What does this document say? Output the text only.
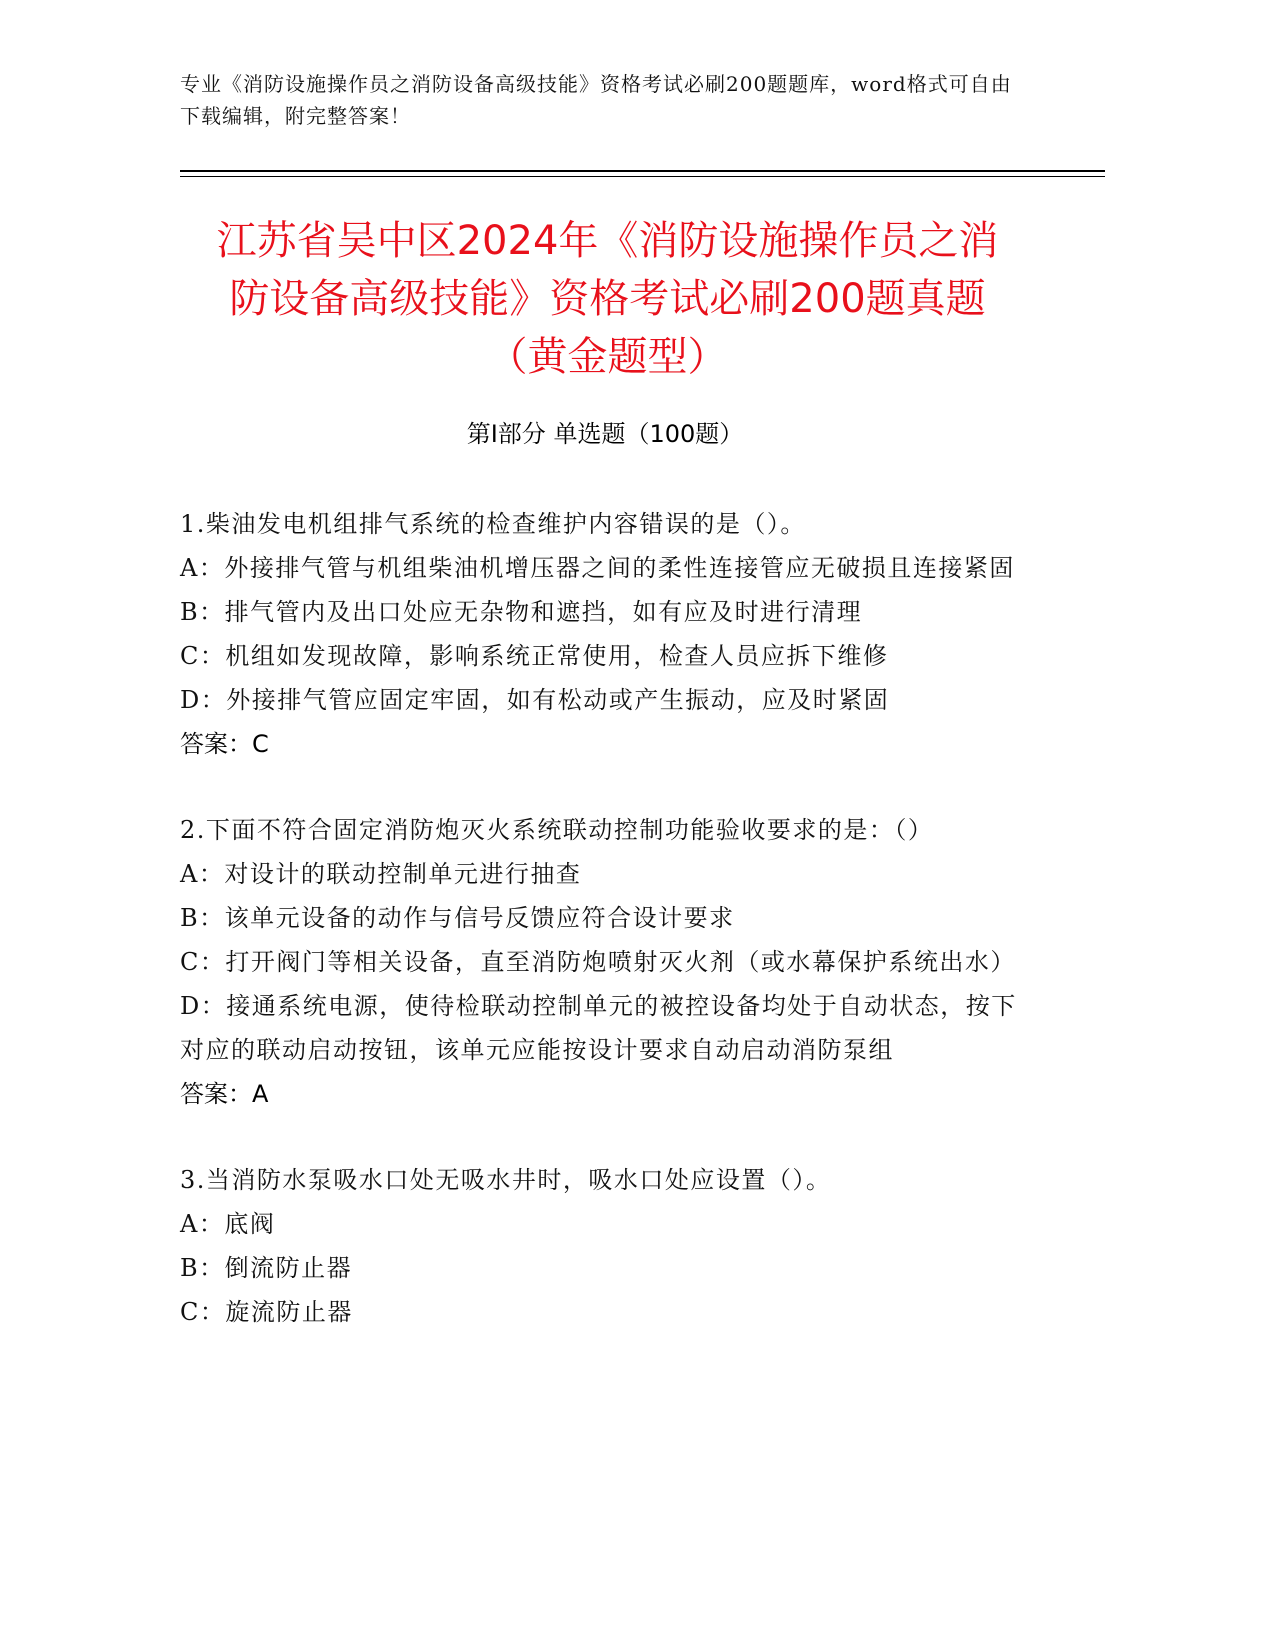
专业《消防设施操作员之消防设备高级技能》资格考试必刷200题题库，word格式可自由下载编辑，附完整答案！
江苏省吴中区2024年《消防设施操作员之消
防设备高级技能》资格考试必刷200题真题
（黄金题型）
第Ⅰ部分 单选题（100题）
1.柴油发电机组排气系统的检查维护内容错误的是（）。
A：外接排气管与机组柴油机增压器之间的柔性连接管应无破损且连接紧固
B：排气管内及出口处应无杂物和遮挡，如有应及时进行清理
C：机组如发现故障，影响系统正常使用，检查人员应拆下维修
D：外接排气管应固定牢固，如有松动或产生振动，应及时紧固
答案：C
2.下面不符合固定消防炮灭火系统联动控制功能验收要求的是：（）
A：对设计的联动控制单元进行抽查
B：该单元设备的动作与信号反馈应符合设计要求
C：打开阀门等相关设备，直至消防炮喷射灭火剂（或水幕保护系统出水）
D：接通系统电源，使待检联动控制单元的被控设备均处于自动状态，按下对应的联动启动按钮，该单元应能按设计要求自动启动消防泵组
答案：A
3.当消防水泵吸水口处无吸水井时，吸水口处应设置（）。
A：底阀
B：倒流防止器
C：旋流防止器
